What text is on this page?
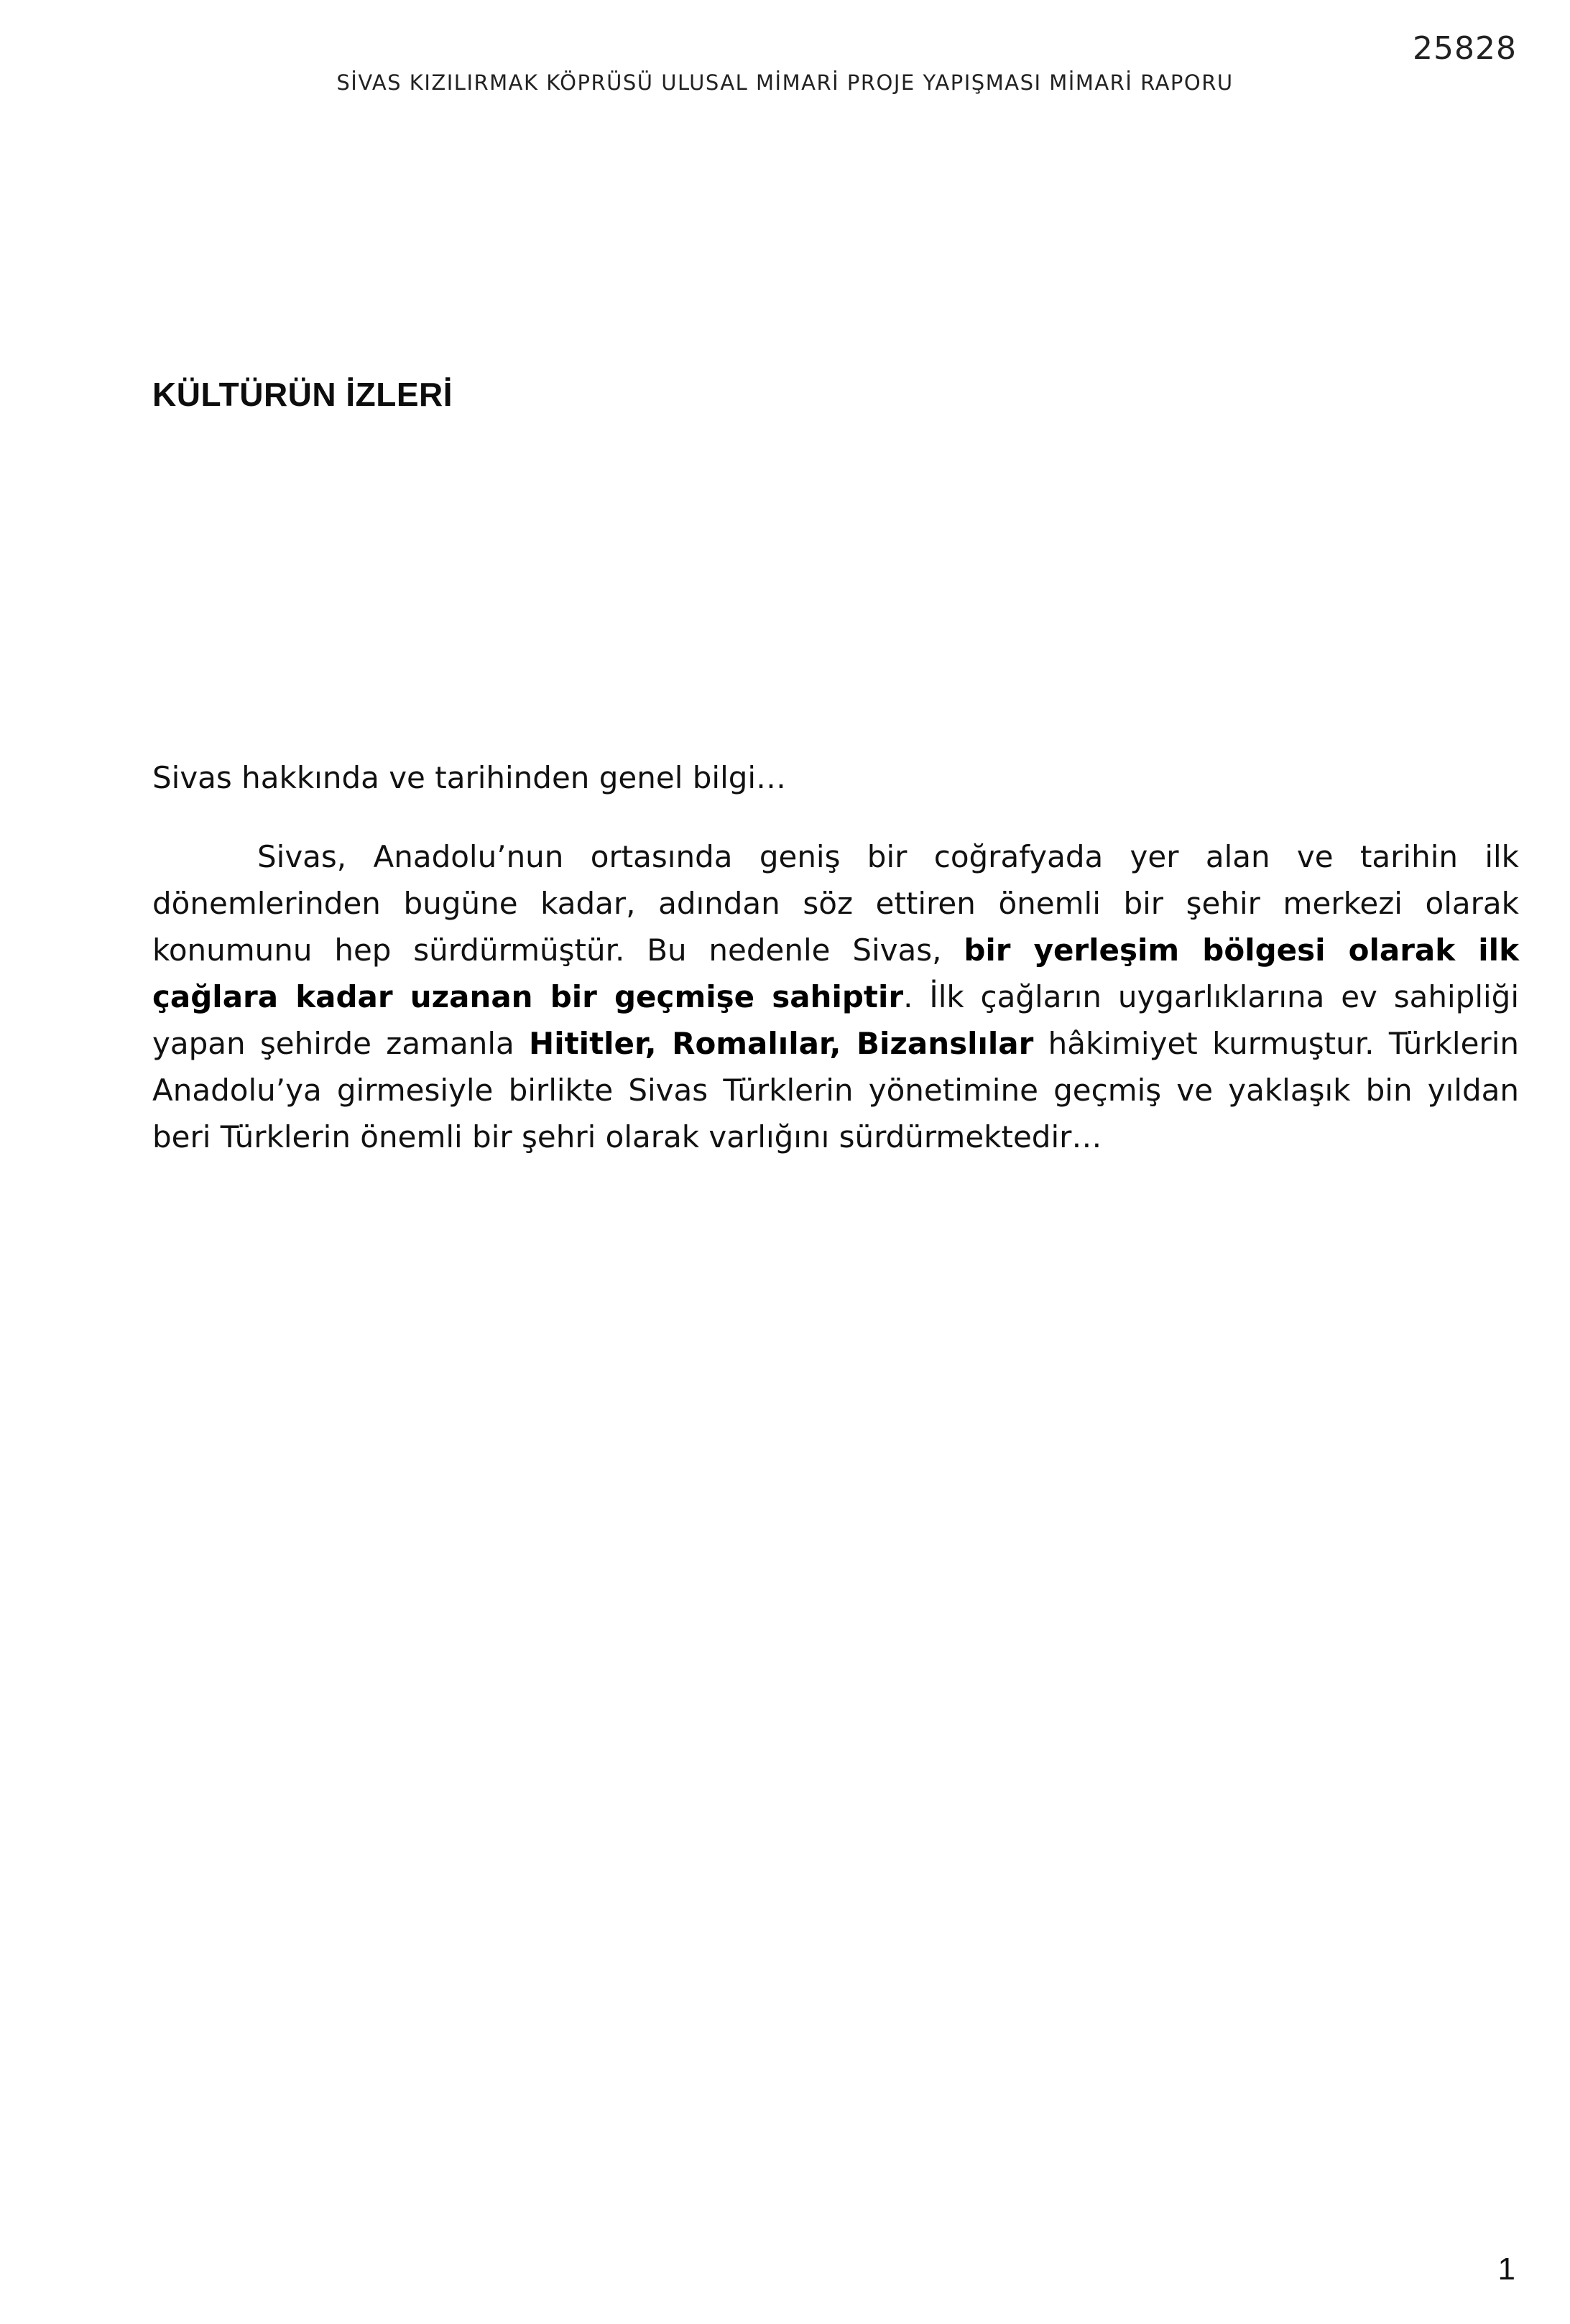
25828
SİVAS KIZILIRMAK KÖPRÜSÜ ULUSAL MİMARİ PROJE YAPIŞMASI MİMARİ RAPORU
KÜLTÜRÜN İZLERİ
Sivas hakkında ve tarihinden genel bilgi…

Sivas, Anadolu’nun ortasında geniş bir coğrafyada yer alan ve tarihin ilk dönemlerinden bugüne kadar, adından söz ettiren önemli bir şehir merkezi olarak konumunu hep sürdürmüştür. Bu nedenle Sivas, bir yerleşim bölgesi olarak ilk çağlara kadar uzanan bir geçmişe sahiptir. İlk çağların uygarlıklarına ev sahipliği yapan şehirde zamanla Hititler, Romalılar, Bizanslılar hâkimiyet kurmuştur. Türklerin Anadolu’ya girmesiyle birlikte Sivas Türklerin yönetimine geçmiş ve yaklaşık bin yıldan beri Türklerin önemli bir şehri olarak varlığını sürdürmektedir…

1
